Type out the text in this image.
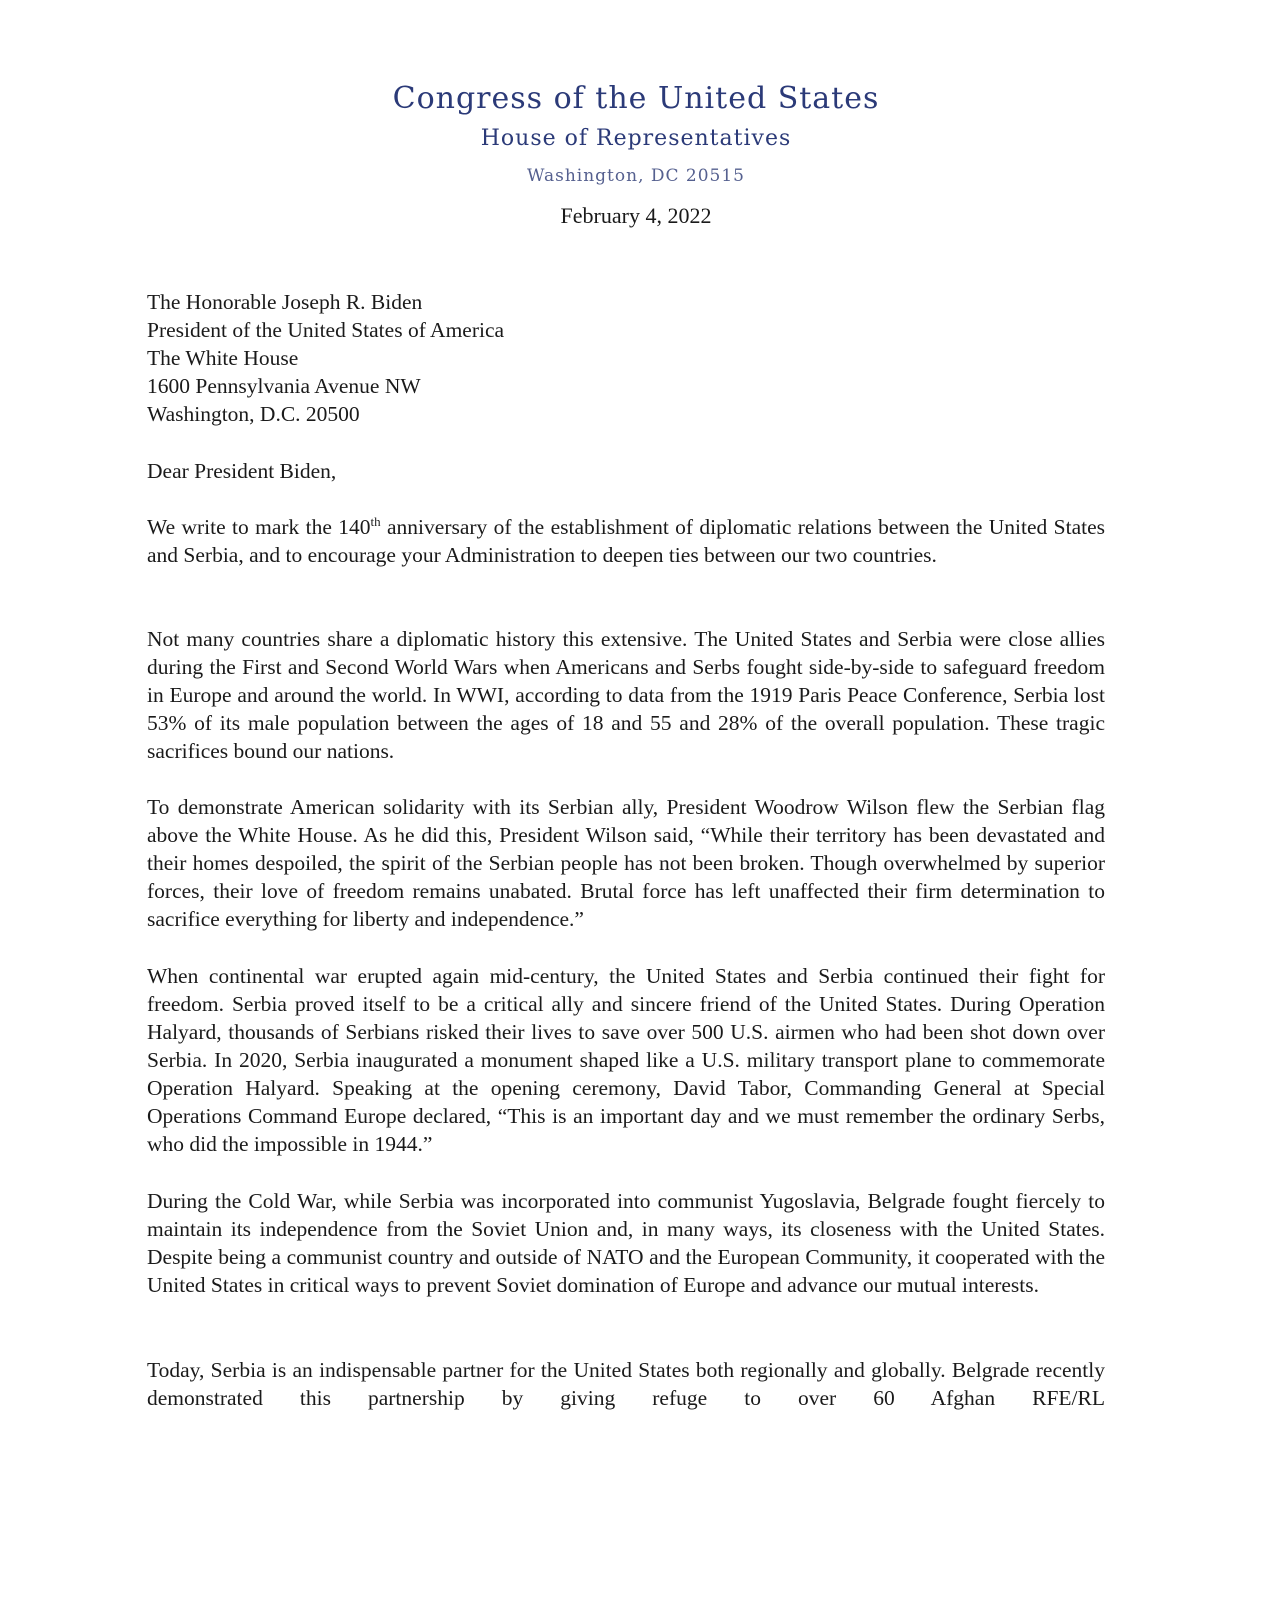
Congress of the United States
House of Representatives
Washington, DC 20515
February 4, 2022
The Honorable Joseph R. Biden
President of the United States of America
The White House
1600 Pennsylvania Avenue NW
Washington, D.C. 20500
Dear President Biden,
We write to mark the 140th anniversary of the establishment of diplomatic relations between the United States and Serbia, and to encourage your Administration to deepen ties between our two countries.
Not many countries share a diplomatic history this extensive. The United States and Serbia were close allies during the First and Second World Wars when Americans and Serbs fought side-by-side to safeguard freedom in Europe and around the world. In WWI, according to data from the 1919 Paris Peace Conference, Serbia lost 53% of its male population between the ages of 18 and 55 and 28% of the overall population. These tragic sacrifices bound our nations.
To demonstrate American solidarity with its Serbian ally, President Woodrow Wilson flew the Serbian flag above the White House. As he did this, President Wilson said, “While their territory has been devastated and their homes despoiled, the spirit of the Serbian people has not been broken. Though overwhelmed by superior forces, their love of freedom remains unabated. Brutal force has left unaffected their firm determination to sacrifice everything for liberty and independence.”
When continental war erupted again mid-century, the United States and Serbia continued their fight for freedom. Serbia proved itself to be a critical ally and sincere friend of the United States. During Operation Halyard, thousands of Serbians risked their lives to save over 500 U.S. airmen who had been shot down over Serbia. In 2020, Serbia inaugurated a monument shaped like a U.S. military transport plane to commemorate Operation Halyard. Speaking at the opening ceremony, David Tabor, Commanding General at Special Operations Command Europe declared, “This is an important day and we must remember the ordinary Serbs, who did the impossible in 1944.”
During the Cold War, while Serbia was incorporated into communist Yugoslavia, Belgrade fought fiercely to maintain its independence from the Soviet Union and, in many ways, its closeness with the United States. Despite being a communist country and outside of NATO and the European Community, it cooperated with the United States in critical ways to prevent Soviet domination of Europe and advance our mutual interests.
Today, Serbia is an indispensable partner for the United States both regionally and globally. Belgrade recently demonstrated this partnership by giving refuge to over 60 Afghan RFE/RL
